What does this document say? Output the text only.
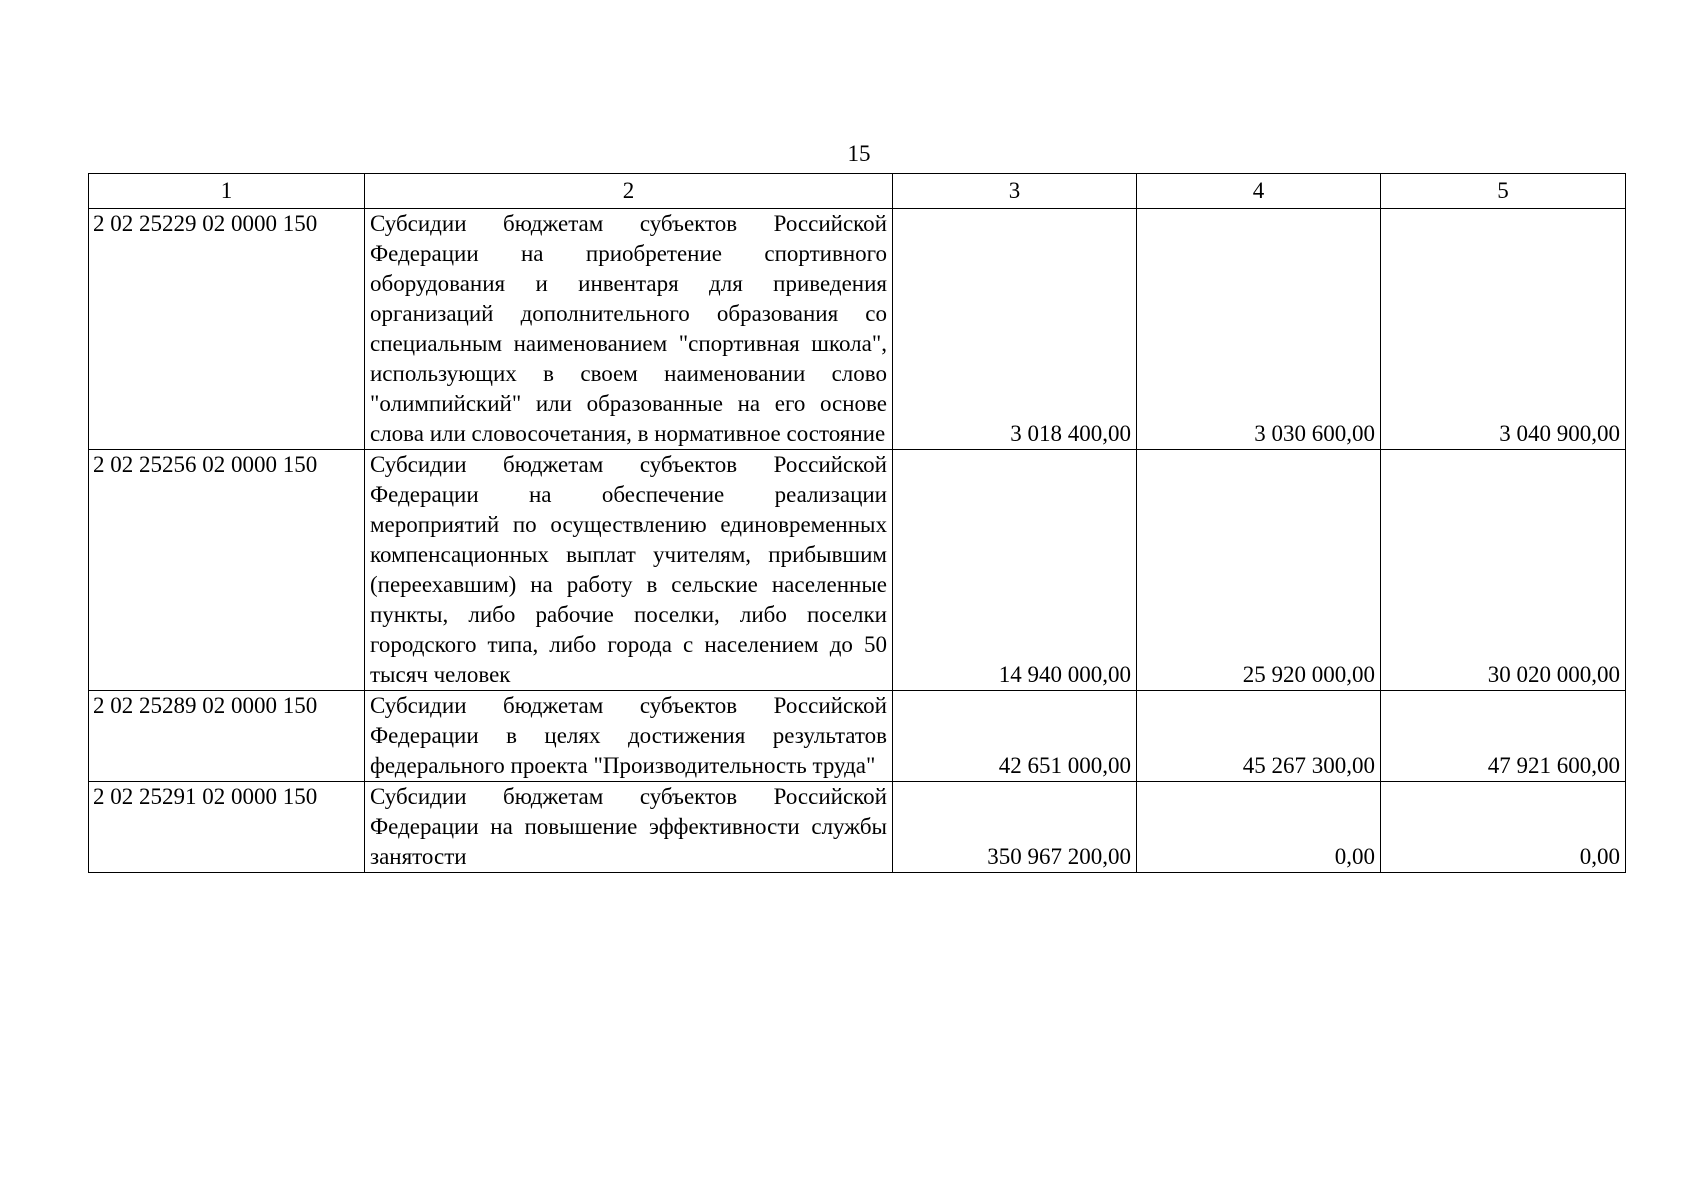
15
1	2	3	4	5
2 02 25229 02 0000 150	Субсидии бюджетам субъектов Российской Федерации на приобретение спортивного оборудования и инвентаря для приведения организаций дополнительного образования со специальным наименованием "спортивная школа", использующих в своем наименовании слово "олимпийский" или образованные на его основе слова или словосочетания, в нормативное состояние	3 018 400,00	3 030 600,00	3 040 900,00
2 02 25256 02 0000 150	Субсидии бюджетам субъектов Российской Федерации на обеспечение реализации мероприятий по осуществлению единовременных компенсационных выплат учителям, прибывшим (переехавшим) на работу в сельские населенные пункты, либо рабочие поселки, либо поселки городского типа, либо города с населением до 50 тысяч человек	14 940 000,00	25 920 000,00	30 020 000,00
2 02 25289 02 0000 150	Субсидии бюджетам субъектов Российской Федерации в целях достижения результатов федерального проекта "Производительность труда"	42 651 000,00	45 267 300,00	47 921 600,00
2 02 25291 02 0000 150	Субсидии бюджетам субъектов Российской Федерации на повышение эффективности службы занятости	350 967 200,00	0,00	0,00
